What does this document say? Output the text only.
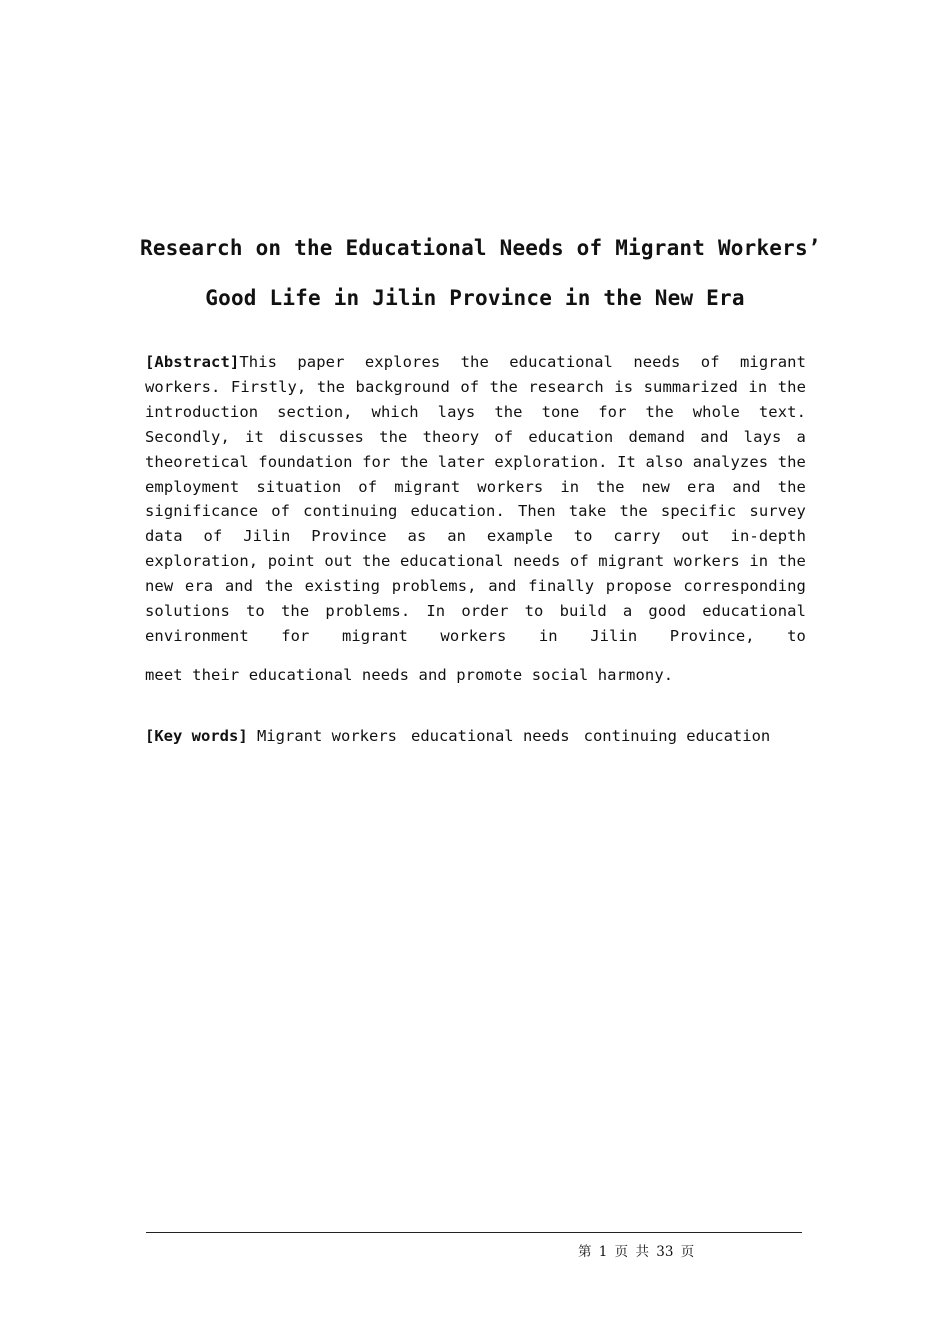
Research on the Educational Needs of Migrant Workers’
Good Life in Jilin Province in the New Era

[Abstract]This paper explores the educational needs of migrant workers. Firstly, the background of the research is summarized in the introduction section, which lays the tone for the whole text. Secondly, it discusses the theory of education demand and lays a theoretical foundation for the later exploration. It also analyzes the employment situation of migrant workers in the new era and the significance of continuing education. Then take the specific survey data of Jilin Province as an example to carry out in-depth exploration, point out the educational needs of migrant workers in the new era and the existing problems, and finally propose corresponding solutions to the problems. In order to build a good educational environment for migrant workers in Jilin Province, to

meet their educational needs and promote social harmony.

[Key words] Migrant workers educational needs continuing education

第 1 页 共 33 页
